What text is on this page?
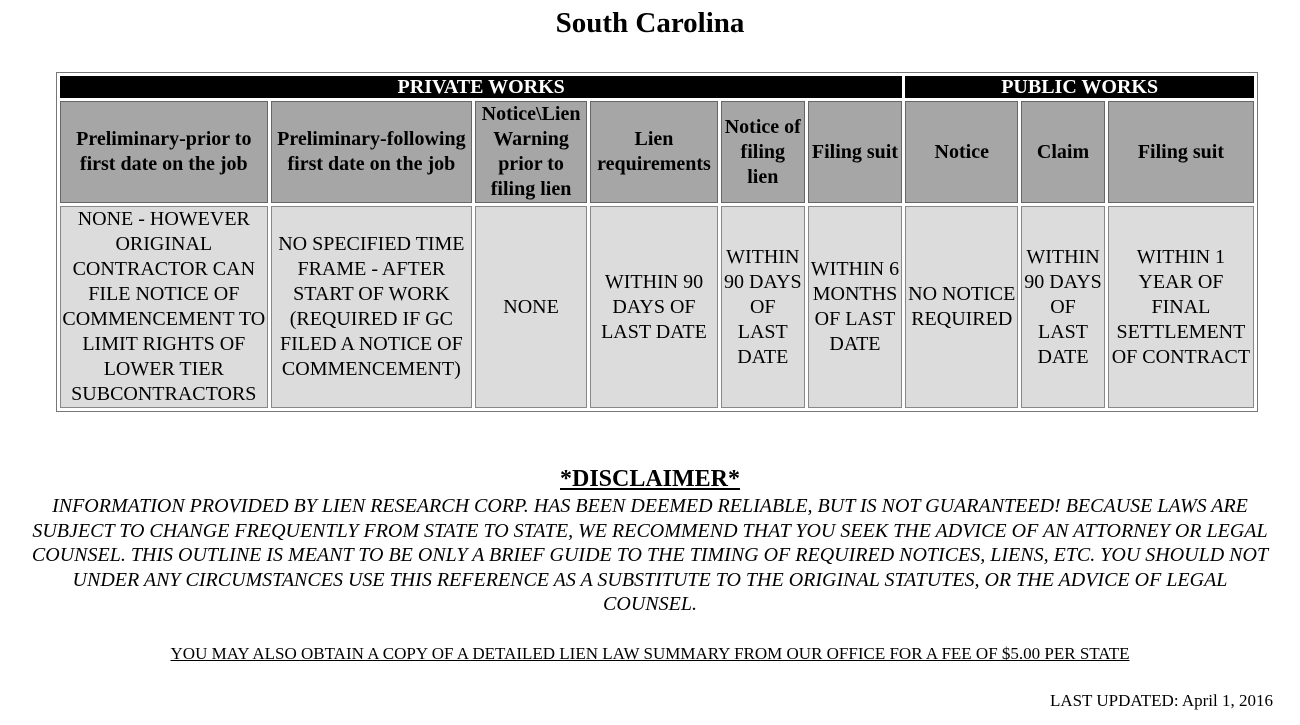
South Carolina
PRIVATE WORKS						PUBLIC WORKS		
Preliminary-prior to first date on the job	Preliminary-following first date on the job	Notice\Lien Warning prior to filing lien	Lien requirements	Notice of filing lien	Filing suit	Notice	Claim	Filing suit
NONE - HOWEVER ORIGINAL CONTRACTOR CAN FILE NOTICE OF COMMENCEMENT TO LIMIT RIGHTS OF LOWER TIER SUBCONTRACTORS	NO SPECIFIED TIME FRAME - AFTER START OF WORK (REQUIRED IF GC FILED A NOTICE OF COMMENCEMENT)	NONE	WITHIN 90 DAYS OF LAST DATE	WITHIN 90 DAYS OF LAST DATE	WITHIN 6 MONTHS OF LAST DATE	NO NOTICE REQUIRED	WITHIN 90 DAYS OF LAST DATE	WITHIN 1 YEAR OF FINAL SETTLEMENT OF CONTRACT
*DISCLAIMER*
INFORMATION PROVIDED BY LIEN RESEARCH CORP. HAS BEEN DEEMED RELIABLE, BUT IS NOT GUARANTEED! BECAUSE LAWS ARE SUBJECT TO CHANGE FREQUENTLY FROM STATE TO STATE, WE RECOMMEND THAT YOU SEEK THE ADVICE OF AN ATTORNEY OR LEGAL COUNSEL. THIS OUTLINE IS MEANT TO BE ONLY A BRIEF GUIDE TO THE TIMING OF REQUIRED NOTICES, LIENS, ETC. YOU SHOULD NOT UNDER ANY CIRCUMSTANCES USE THIS REFERENCE AS A SUBSTITUTE TO THE ORIGINAL STATUTES, OR THE ADVICE OF LEGAL COUNSEL.
YOU MAY ALSO OBTAIN A COPY OF A DETAILED LIEN LAW SUMMARY FROM OUR OFFICE FOR A FEE OF $5.00 PER STATE
LAST UPDATED: April 1, 2016
